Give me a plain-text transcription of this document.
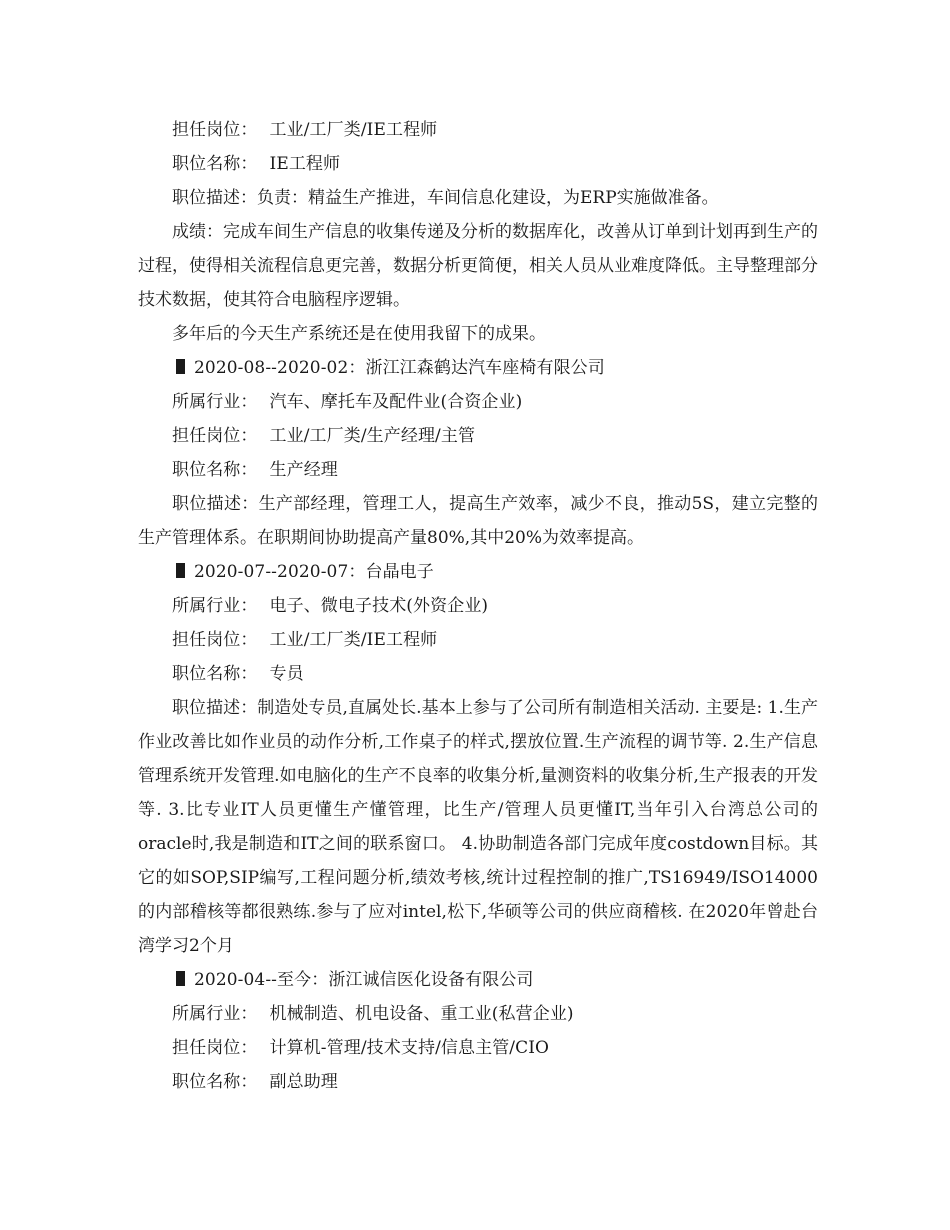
担任岗位： 工业/工厂类/IE工程师
职位名称： IE工程师
职位描述：负责：精益生产推进，车间信息化建设，为ERP实施做准备。
成绩：完成车间生产信息的收集传递及分析的数据库化，改善从订单到计划再到生产的过程，使得相关流程信息更完善，数据分析更简便，相关人员从业难度降低。主导整理部分技术数据，使其符合电脑程序逻辑。
多年后的今天生产系统还是在使用我留下的成果。
2020-08--2020-02：浙江江森鹤达汽车座椅有限公司
所属行业： 汽车、摩托车及配件业(合资企业)
担任岗位： 工业/工厂类/生产经理/主管
职位名称： 生产经理
职位描述：生产部经理，管理工人，提高生产效率，减少不良，推动5S，建立完整的生产管理体系。在职期间协助提高产量80%,其中20%为效率提高。
2020-07--2020-07：台晶电子
所属行业： 电子、微电子技术(外资企业)
担任岗位： 工业/工厂类/IE工程师
职位名称： 专员
职位描述：制造处专员,直属处长.基本上参与了公司所有制造相关活动. 主要是: 1.生产作业改善比如作业员的动作分析,工作桌子的样式,摆放位置.生产流程的调节等. 2.生产信息管理系统开发管理.如电脑化的生产不良率的收集分析,量测资料的收集分析,生产报表的开发等. 3.比专业IT人员更懂生产懂管理，比生产/管理人员更懂IT,当年引入台湾总公司的oracle时,我是制造和IT之间的联系窗口。 4.协助制造各部门完成年度costdown目标。其它的如SOP,SIP编写,工程问题分析,绩效考核,统计过程控制的推广,TS16949/ISO14000的内部稽核等都很熟练.参与了应对intel,松下,华硕等公司的供应商稽核. 在2020年曾赴台湾学习2个月
2020-04--至今：浙江诚信医化设备有限公司
所属行业： 机械制造、机电设备、重工业(私营企业)
担任岗位： 计算机-管理/技术支持/信息主管/CIO
职位名称： 副总助理
